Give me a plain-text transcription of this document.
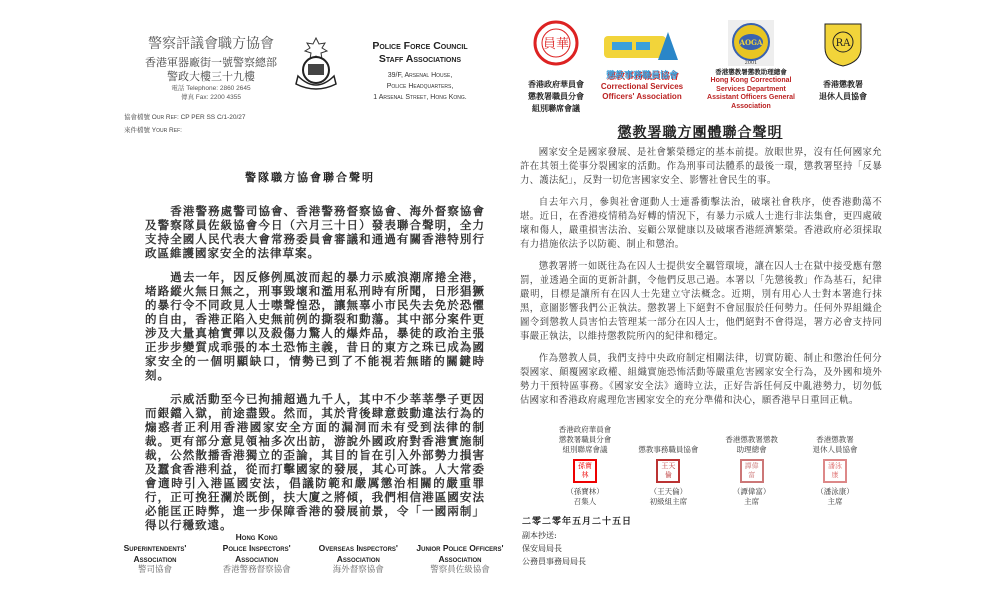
警察評議會職方協會
香港軍器廠街一號警察總部
警政大樓三十九樓
電話 Telephone: 2860 2645
傳真 Fax: 2200 4355
Police Force Council
Staff Associations
39/F, Arsenal House,
Police Headquarters,
1 Arsenal Street, Hong Kong.
協會檔號 Our Ref: CP PER SS C/1-20/27
來件檔號 Your Ref:
警隊職方協會聯合聲明

香港警務處警司協會、香港警務督察協會、海外督察協會及警察隊員佐級協會今日（六月三十日）發表聯合聲明，全力支持全國人民代表大會常務委員會審議和通過有關香港特別行政區維護國家安全的法律草案。

過去一年，因反修例風波而起的暴力示威浪潮席捲全港，堵路縱火無日無之，刑事毀壞和濫用私刑時有所聞，日形猖獗的暴行令不同政見人士噤聲惶恐，讓無辜小市民失去免於恐懼的自由，香港正陷入史無前例的撕裂和動蕩。其中部分案件更涉及大量真槍實彈以及殺傷力驚人的爆炸品，暴徒的政治主張正步步變質成乖張的本土恐怖主義，昔日的東方之珠已成為國家安全的一個明顯缺口，情勢已到了不能視若無睹的關鍵時刻。

示威活動至今已拘捕超過九千人，其中不少莘莘學子更因而銀鐺入獄，前途盡毀。然而，其於背後肆意鼓動違法行為的煽惑者正利用香港國家安全方面的漏洞而未有受到法律的制裁。更有部分意見領袖多次出訪，游說外國政府對香港實施制裁，公然散播香港獨立的歪論，其目的旨在引入外部勢力損害及蠶食香港利益，從而打擊國家的發展，其心可誅。人大常委會適時引入港區國安法，倡議防範和嚴厲懲治相關的嚴重罪行，正可挽狂瀾於既倒，扶大廈之將傾，我們相信港區國安法必能匡正時弊，進一步保障香港的發展前景，令「一國兩制」得以行穩致遠。

Superintendents'
Association
警司協會
Hong Kong
Police Inspectors'
Association
香港警務督察協會
Overseas Inspectors'
Association
海外督察協會
Junior Police Officers'
Association
警察員佐級協會
員華
香港政府華員會
懲教署職員分會
組別聯席會議
懲教事務職員協會
Correctional Services
Officers' Association
AOGA
2001
香港懲教署懲教助理總會
Hong Kong Correctional
Services Department
Assistant Officers General
Association
RA
香港懲教署
退休人員協會
懲教署職方團體聯合聲明

國家安全是國家發展、是社會繁榮穩定的基本前提。放眼世界，沒有任何國家允許在其領土從事分裂國家的活動。作為刑事司法體系的最後一環，懲教署堅持「反暴力、護法紀」，反對一切危害國家安全、影響社會民生的事。

自去年六月，參與社會運動人士連番衝擊法治，破壞社會秩序，使香港動蕩不堪。近日，在香港疫情稍為好轉的情況下，有暴力示威人士進行非法集會，更四處破壞和傷人，嚴重損害法治、妄顧公眾健康以及破壞香港經濟繁榮。香港政府必須採取有力措施依法予以防範、制止和懲治。

懲教署將一如既往為在囚人士提供安全羈管環境，讓在囚人士在獄中接受應有懲罰，並透過全面的更新計劃，令他們反思己過。本署以「先懲後教」作為基石，紀律嚴明，目標是讓所有在囚人士先建立守法概念。近期，別有用心人士對本署進行抹黑，意圖影響我們公正執法。懲教署上下絕對不會屈服於任何勢力。任何外界組織企圖令到懲教人員害怕去管理某一部分在囚人士，他們絕對不會得逞，署方必會支持同事嚴正執法，以維持懲教院所內的紀律和穩定。

作為懲教人員，我們支持中央政府制定相關法律，切實防範、制止和懲治任何分裂國家、顛覆國家政權、組織實施恐怖活動等嚴重危害國家安全行為，及外國和境外勢力干預特區事務。《國家安全法》適時立法，正好告訴任何反中亂港勢力，切勿低估國家和香港政府處理危害國家安全的充分準備和決心，願香港早日重回正軌。

香港政府華員會
懲教署職員分會
組別聯席會議
孫寶林
（孫寶林）
召集人
懲教事務職員協會
王天倫
（王天倫）
初級組主席
香港懲教署懲教
助理總會
譚偉富
（譚偉富）
主席
香港懲教署
退休人員協會
潘泳康
（潘泳康）
主席
二零二零年五月二十五日
副本抄送:
保安局局長
公務員事務局局長
